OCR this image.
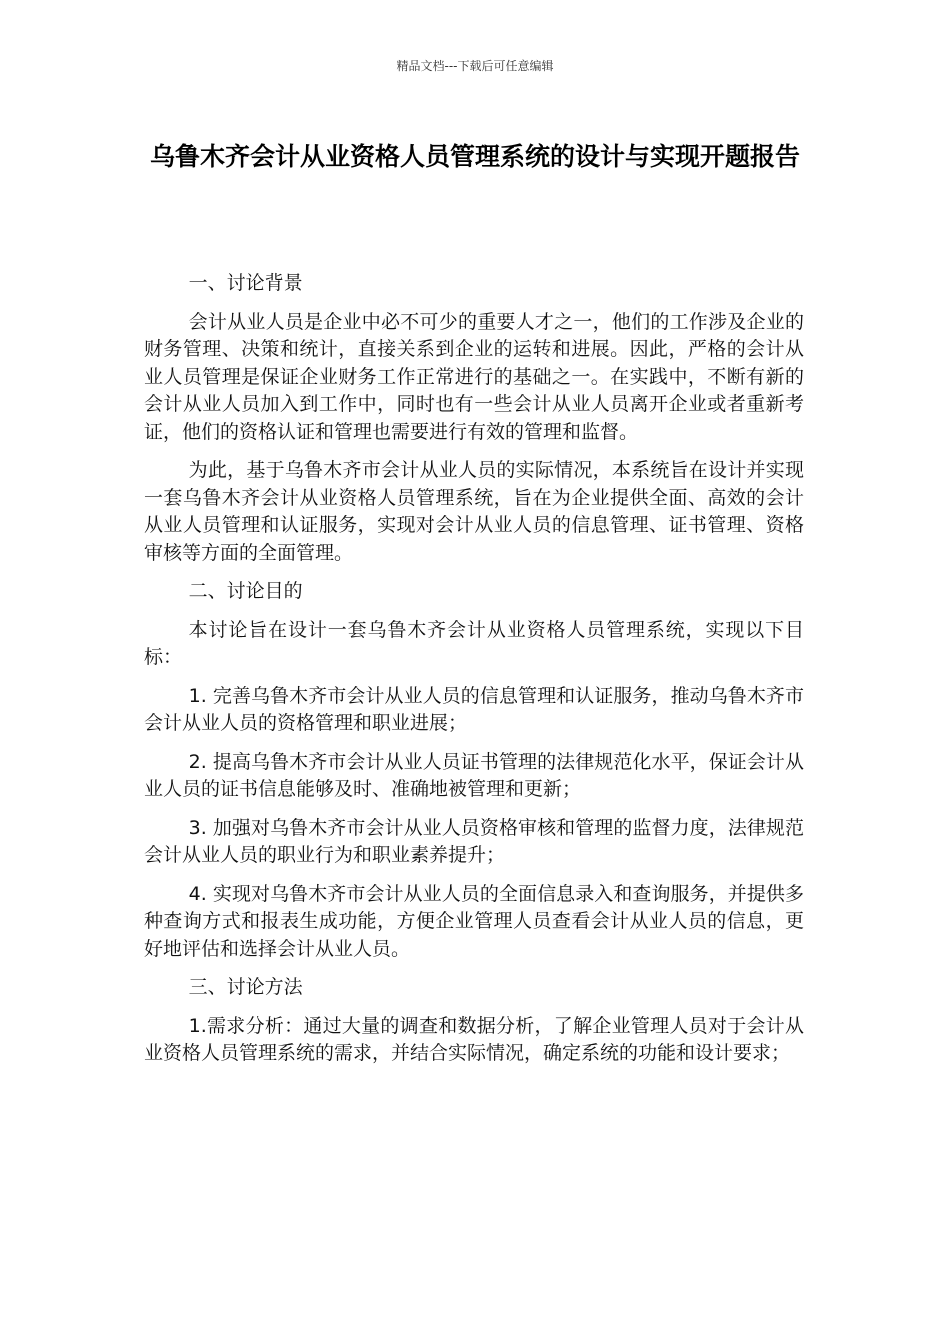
精品文档---下载后可任意编辑
乌鲁木齐会计从业资格人员管理系统的设计与实现开题报告

一、讨论背景

会计从业人员是企业中必不可少的重要人才之一，他们的工作涉及企业的财务管理、决策和统计，直接关系到企业的运转和进展。因此，严格的会计从业人员管理是保证企业财务工作正常进行的基础之一。在实践中，不断有新的会计从业人员加入到工作中，同时也有一些会计从业人员离开企业或者重新考证，他们的资格认证和管理也需要进行有效的管理和监督。

为此，基于乌鲁木齐市会计从业人员的实际情况，本系统旨在设计并实现一套乌鲁木齐会计从业资格人员管理系统，旨在为企业提供全面、高效的会计从业人员管理和认证服务，实现对会计从业人员的信息管理、证书管理、资格审核等方面的全面管理。

二、讨论目的

本讨论旨在设计一套乌鲁木齐会计从业资格人员管理系统，实现以下目标：

1. 完善乌鲁木齐市会计从业人员的信息管理和认证服务，推动乌鲁木齐市会计从业人员的资格管理和职业进展；

2. 提高乌鲁木齐市会计从业人员证书管理的法律规范化水平，保证会计从业人员的证书信息能够及时、准确地被管理和更新；

3. 加强对乌鲁木齐市会计从业人员资格审核和管理的监督力度，法律规范会计从业人员的职业行为和职业素养提升；

4. 实现对乌鲁木齐市会计从业人员的全面信息录入和查询服务，并提供多种查询方式和报表生成功能，方便企业管理人员查看会计从业人员的信息，更好地评估和选择会计从业人员。

三、讨论方法

1.需求分析：通过大量的调查和数据分析，了解企业管理人员对于会计从业资格人员管理系统的需求，并结合实际情况，确定系统的功能和设计要求；
